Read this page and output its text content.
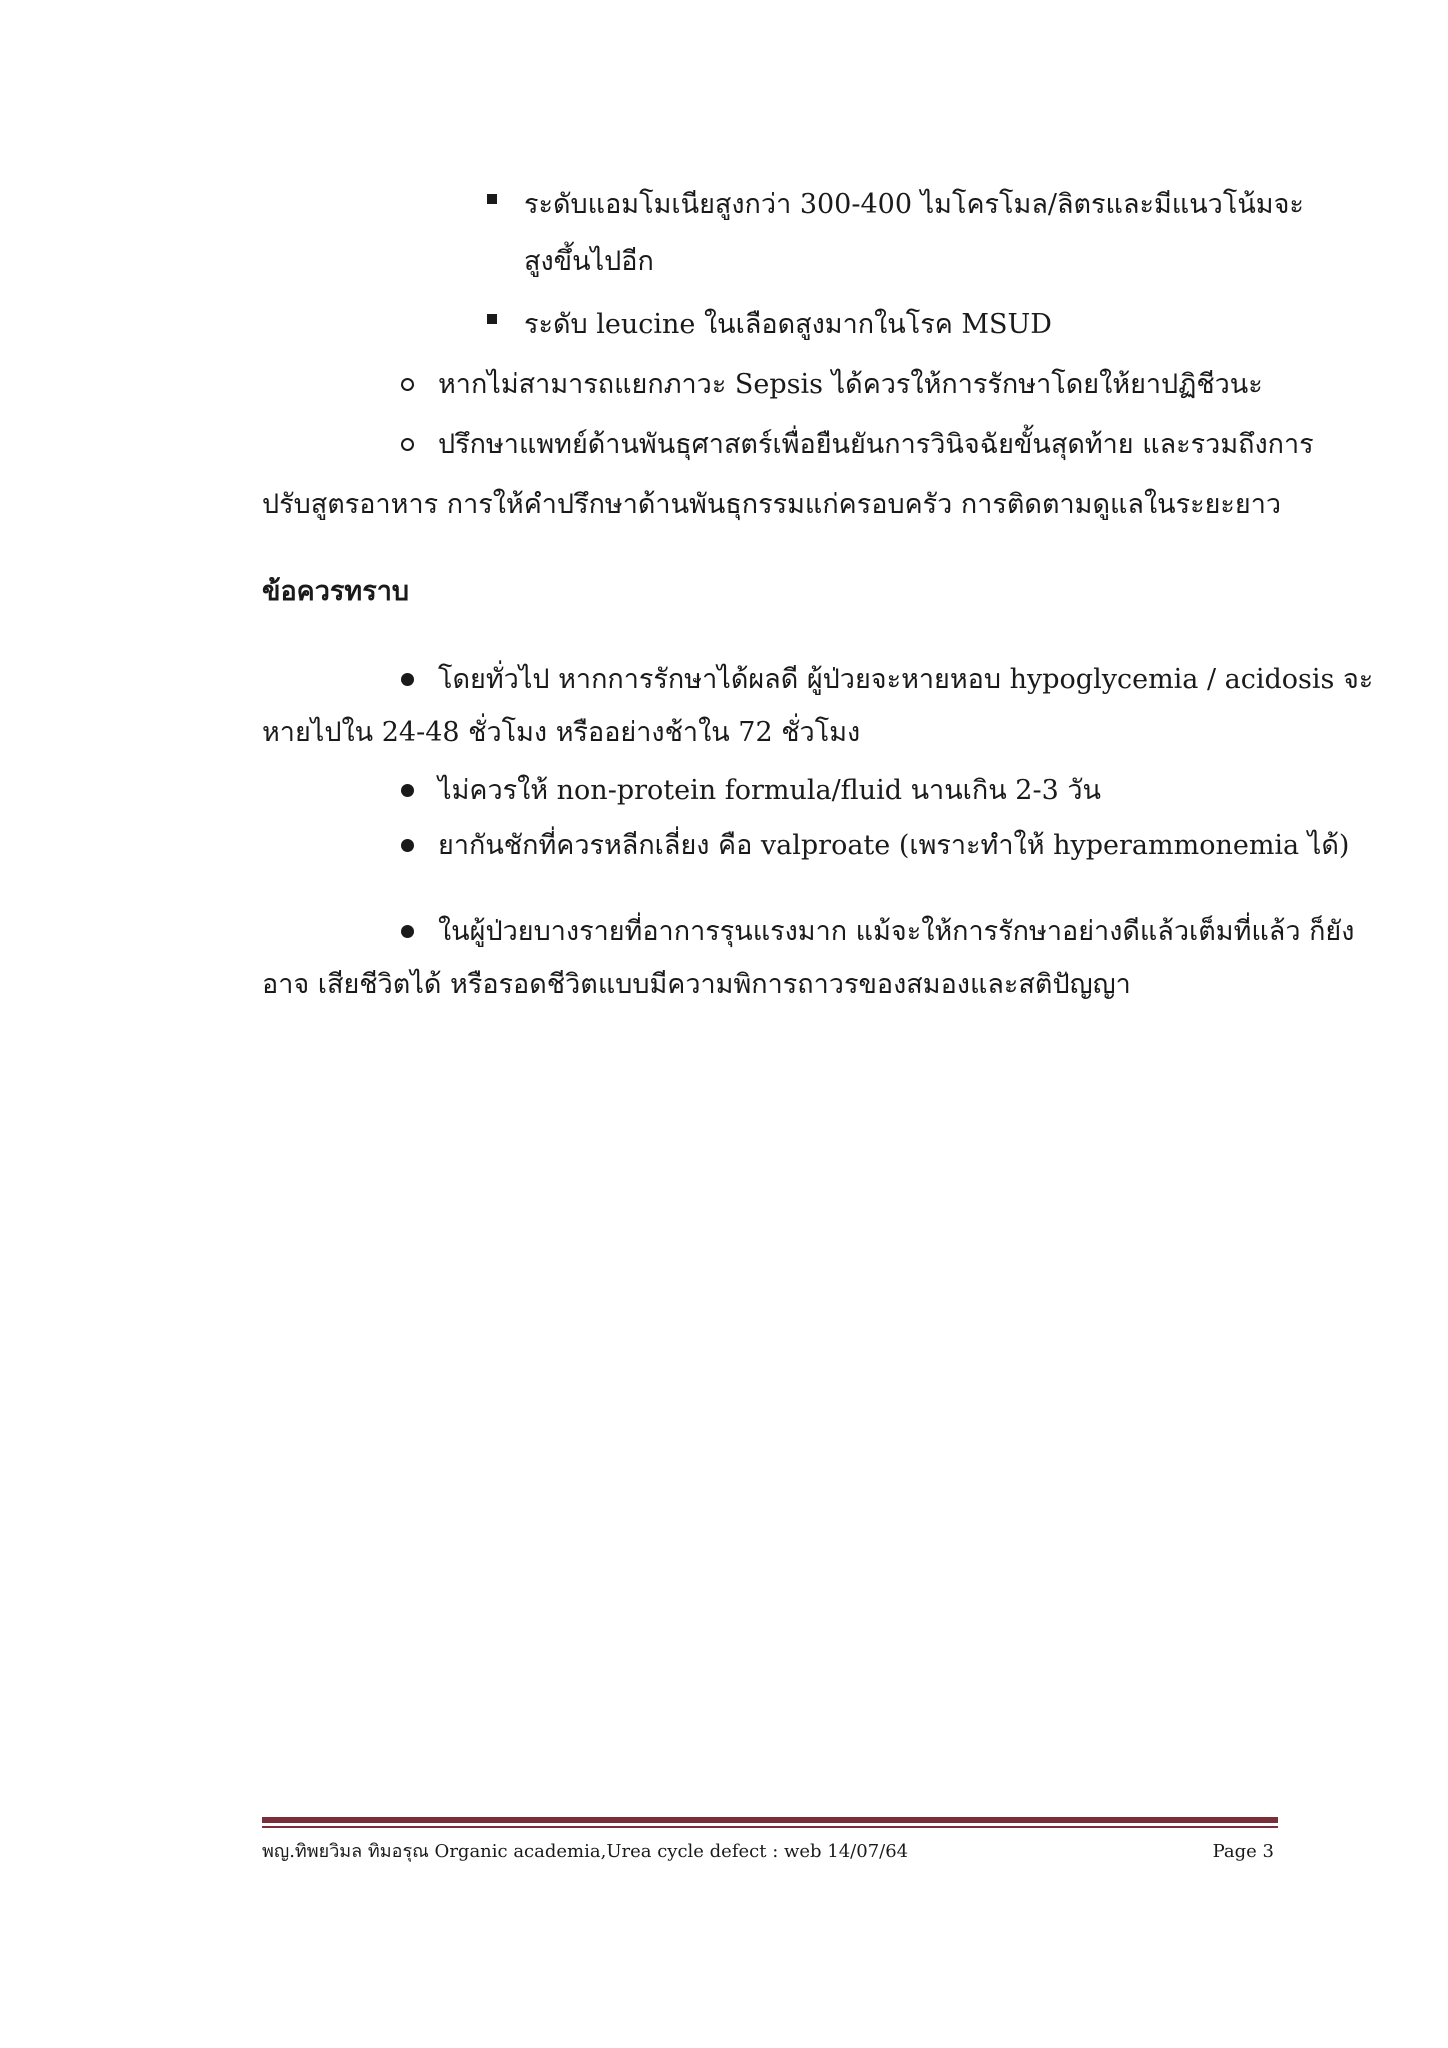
ระดับแอมโมเนียสูงกว่า 300-400 ไมโครโมล/ลิตรและมีแนวโน้มจะ

สูงขึ้นไปอีก

ระดับ leucine ในเลือดสูงมากในโรค MSUD

หากไม่สามารถแยกภาวะ Sepsis ได้ควรให้การรักษาโดยให้ยาปฏิชีวนะ

ปรึกษาแพทย์ด้านพันธุศาสตร์เพื่อยืนยันการวินิจฉัยขั้นสุดท้าย และรวมถึงการ

ปรับสูตรอาหาร การให้คำปรึกษาด้านพันธุกรรมแก่ครอบครัว การติดตามดูแลในระยะยาว

ข้อควรทราบ

โดยทั่วไป หากการรักษาได้ผลดี ผู้ป่วยจะหายหอบ hypoglycemia / acidosis จะ

หายไปใน 24-48 ชั่วโมง หรืออย่างช้าใน 72 ชั่วโมง

ไม่ควรให้ non-protein formula/fluid นานเกิน 2-3 วัน

ยากันชักที่ควรหลีกเลี่ยง คือ valproate (เพราะทำให้ hyperammonemia ได้)

ในผู้ป่วยบางรายที่อาการรุนแรงมาก แม้จะให้การรักษาอย่างดีแล้วเต็มที่แล้ว ก็ยัง

อาจ เสียชีวิตได้ หรือรอดชีวิตแบบมีความพิการถาวรของสมองและสติปัญญา

พญ.ทิพยวิมล ทิมอรุณ Organic academia,Urea cycle defect : web 14/07/64	Page 3
